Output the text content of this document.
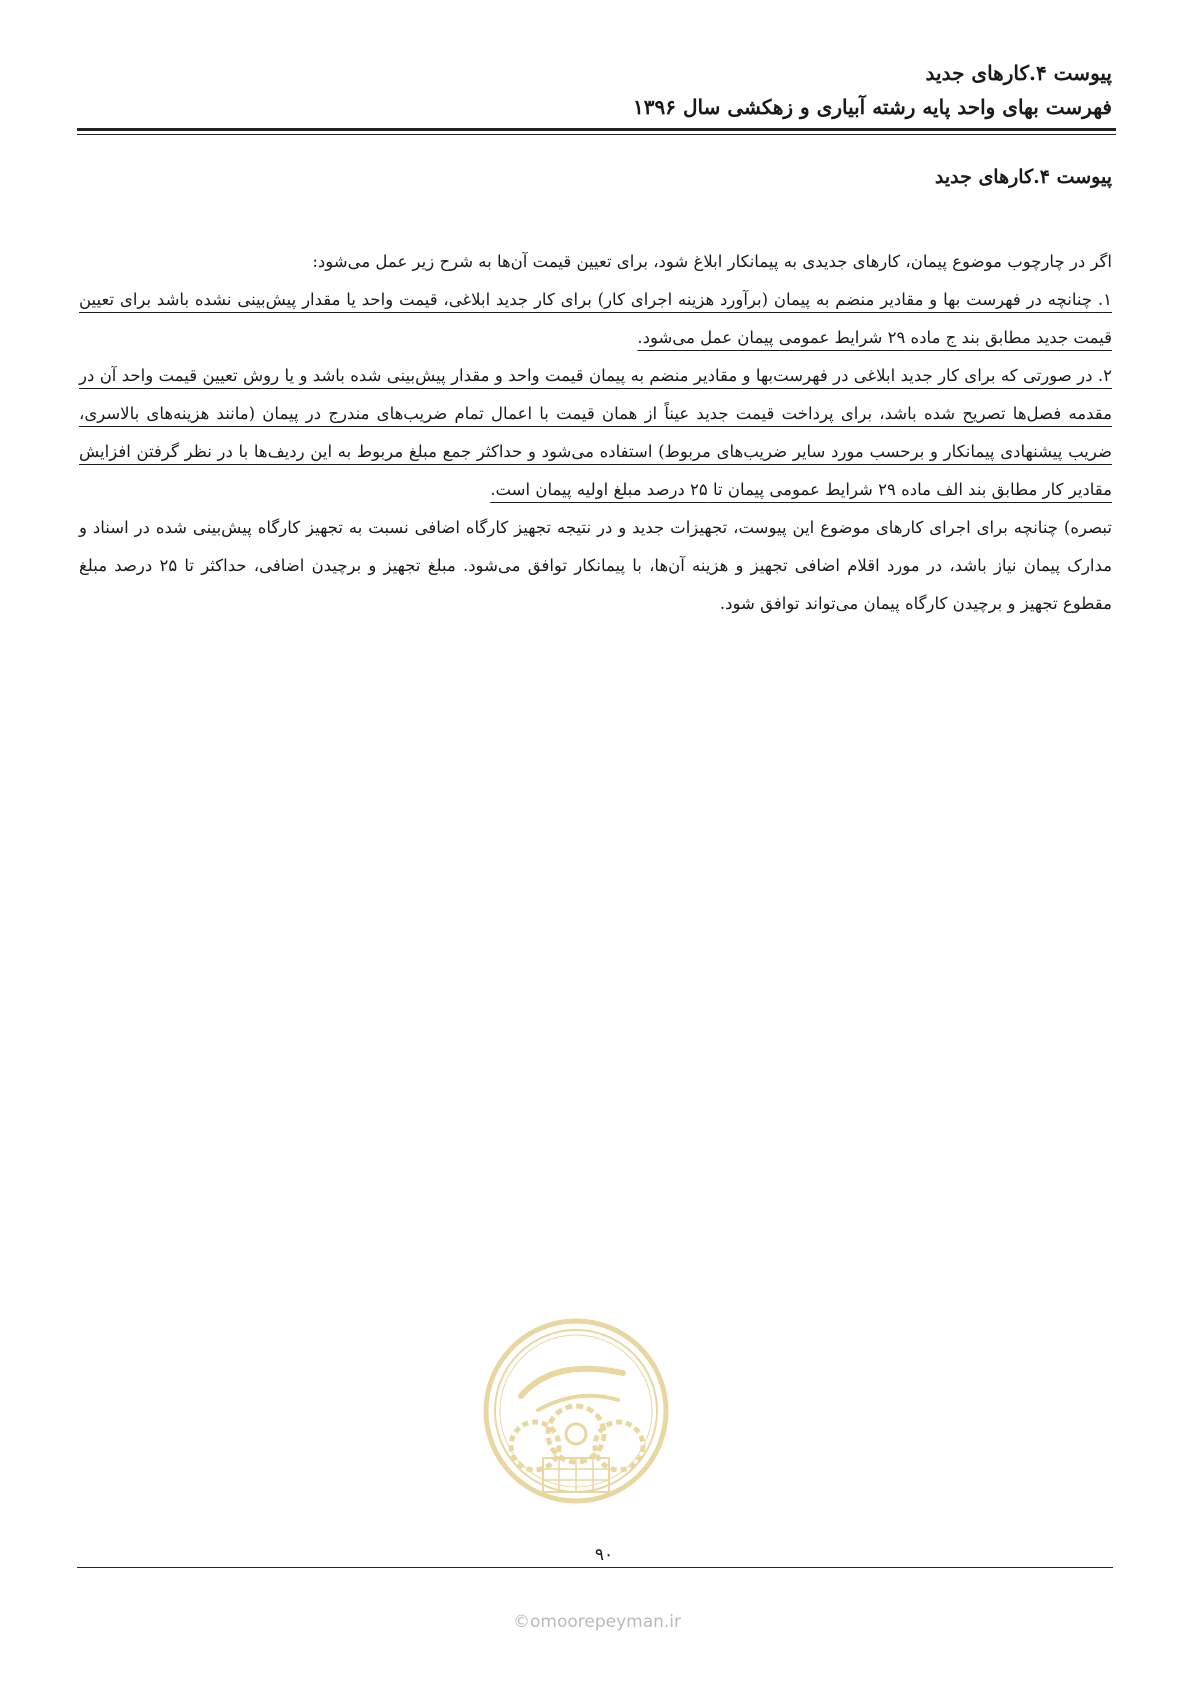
پیوست ۴.کارهای جدید
فهرست بهای واحد پایه رشته آبیاری و زهکشی سال ۱۳۹۶
پیوست ۴.کارهای جدید

اگر در چارچوب موضوع پیمان، کارهای جدیدی به پیمانکار ابلاغ شود، برای تعیین قیمت آن‌ها به شرح زیر عمل می‌شود:

۱. چنانچه در فهرست بها و مقادیر منضم به پیمان (برآورد هزینه اجرای کار) برای کار جدید ابلاغی، قیمت واحد یا مقدار پیش‌بینی نشده باشد برای تعیین قیمت جدید مطابق بند ج ماده ۲۹ شرایط عمومی پیمان عمل می‌شود.

۲. در صورتی که برای کار جدید ابلاغی در فهرست‌بها و مقادیر منضم به پیمان قیمت واحد و مقدار پیش‌بینی شده باشد و یا روش تعیین قیمت واحد آن در مقدمه فصل‌ها تصریح شده باشد، برای پرداخت قیمت جدید عیناً از همان قیمت با اعمال تمام ضریب‌های مندرج در پیمان (مانند هزینه‌های بالاسری، ضریب پیشنهادی پیمانکار و برحسب مورد سایر ضریب‌های مربوط) استفاده می‌شود و حداکثر جمع مبلغ مربوط به این ردیف‌ها با در نظر گرفتن افزایش مقادیر کار مطابق بند الف ماده ۲۹ شرایط عمومی پیمان تا ۲۵ درصد مبلغ اولیه پیمان است.

تبصره) چنانچه برای اجرای کارهای موضوع این پیوست، تجهیزات جدید و در نتیجه تجهیز کارگاه اضافی نسبت به تجهیز کارگاه پیش‌بینی شده در اسناد و مدارک پیمان نیاز باشد، در مورد اقلام اضافی تجهیز و هزینه آن‌ها، با پیمانکار توافق می‌شود. مبلغ تجهیز و برچیدن اضافی، حداکثر تا ۲۵ درصد مبلغ مقطوع تجهیز و برچیدن کارگاه پیمان می‌تواند توافق شود.

۹۰
©omoorepeyman.ir
